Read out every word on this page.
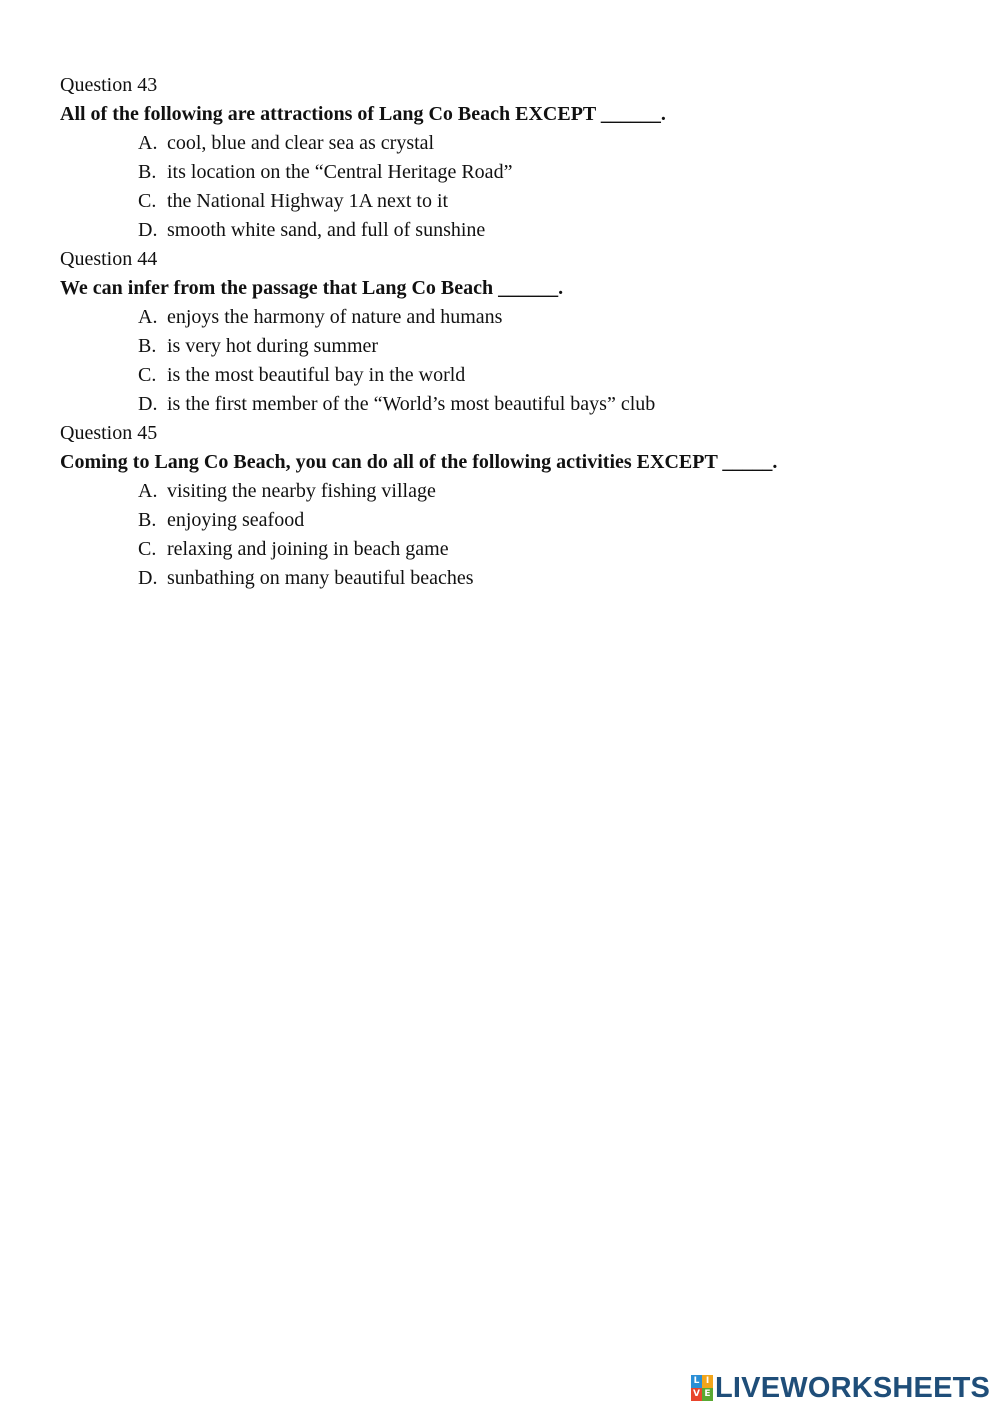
Question 43
All of the following are attractions of Lang Co Beach EXCEPT ______.
A. cool, blue and clear sea as crystal
B. its location on the “Central Heritage Road”
C. the National Highway 1A next to it
D. smooth white sand, and full of sunshine
Question 44
We can infer from the passage that Lang Co Beach ______.
A. enjoys the harmony of nature and humans
B. is very hot during summer
C. is the most beautiful bay in the world
D. is the first member of the “World’s most beautiful bays” club
Question 45
Coming to Lang Co Beach, you can do all of the following activities EXCEPT _____.
A. visiting the nearby fishing village
B. enjoying seafood
C. relaxing and joining in beach game
D. sunbathing on many beautiful beaches
L I
V E LIVEWORKSHEETS
